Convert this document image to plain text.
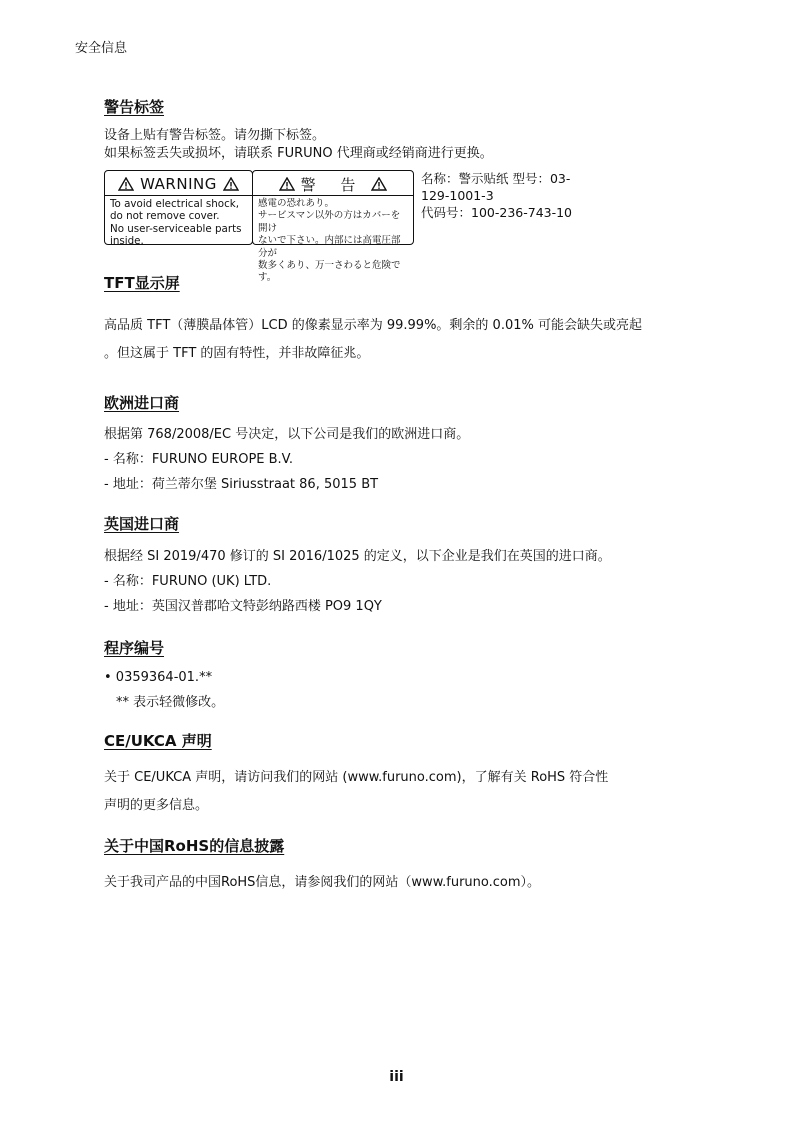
安全信息
警告标签

设备上贴有警告标签。请勿撕下标签。

如果标签丢失或损坏，请联系 FURUNO 代理商或经销商进行更换。

WARNING
To avoid electrical shock,
do not remove cover.
No user-serviceable parts
inside.
警 告
感電の恐れあり。
サービスマン以外の方はカバーを開け
ないで下さい。内部には高電圧部分が
数多くあり、万一さわると危険です。
名称：警示贴纸 型号：03-
129-1001-3
代码号：100-236-743-10
TFT显示屏

高品质 TFT（薄膜晶体管）LCD 的像素显示率为 99.99%。剩余的 0.01% 可能会缺失或亮起

。但这属于 TFT 的固有特性，并非故障征兆。

欧洲进口商

根据第 768/2008/EC 号决定，以下公司是我们的欧洲进口商。

- 名称：FURUNO EUROPE B.V.

- 地址：荷兰蒂尔堡 Siriusstraat 86, 5015 BT

英国进口商

根据经 SI 2019/470 修订的 SI 2016/1025 的定义，以下企业是我们在英国的进口商。

- 名称：FURUNO (UK) LTD.

- 地址：英国汉普郡哈文特彭纳路西楼 PO9 1QY

程序编号

• 0359364-01.**

** 表示轻微修改。

CE/UKCA 声明

关于 CE/UKCA 声明，请访问我们的网站 (www.furuno.com)，了解有关 RoHS 符合性

声明的更多信息。

关于中国RoHS的信息披露

关于我司产品的中国RoHS信息，请参阅我们的网站（www.furuno.com）。

iii
